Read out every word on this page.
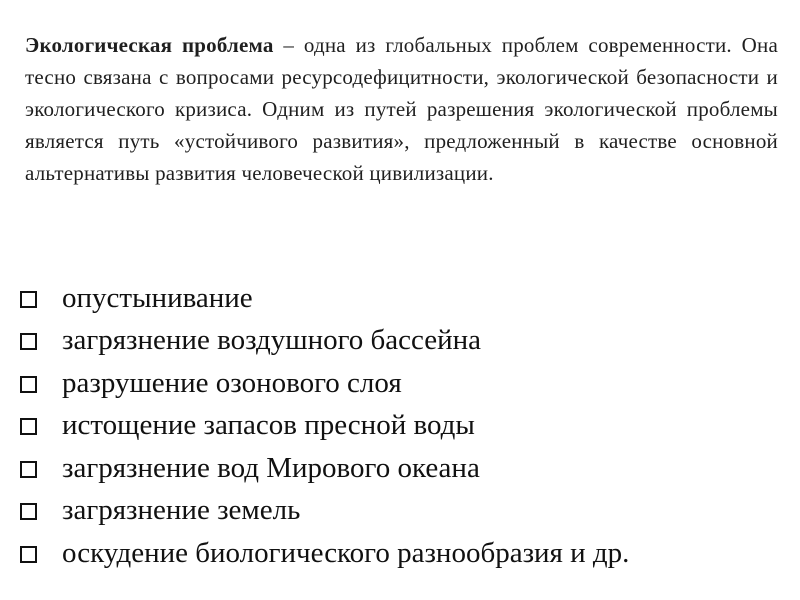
Экологическая проблема – одна из глобальных проблем современности. Она тесно связана с вопросами ресурсодефицитности, экологической безопасности и экологического кризиса. Одним из путей разрешения экологической проблемы является путь «устойчивого развития», предложенный в качестве основной альтернативы развития человеческой цивилизации.

опустынивание
загрязнение воздушного бассейна
разрушение озонового слоя
истощение запасов пресной воды
загрязнение вод Мирового океана
загрязнение земель
оскудение биологического разнообразия и др.
